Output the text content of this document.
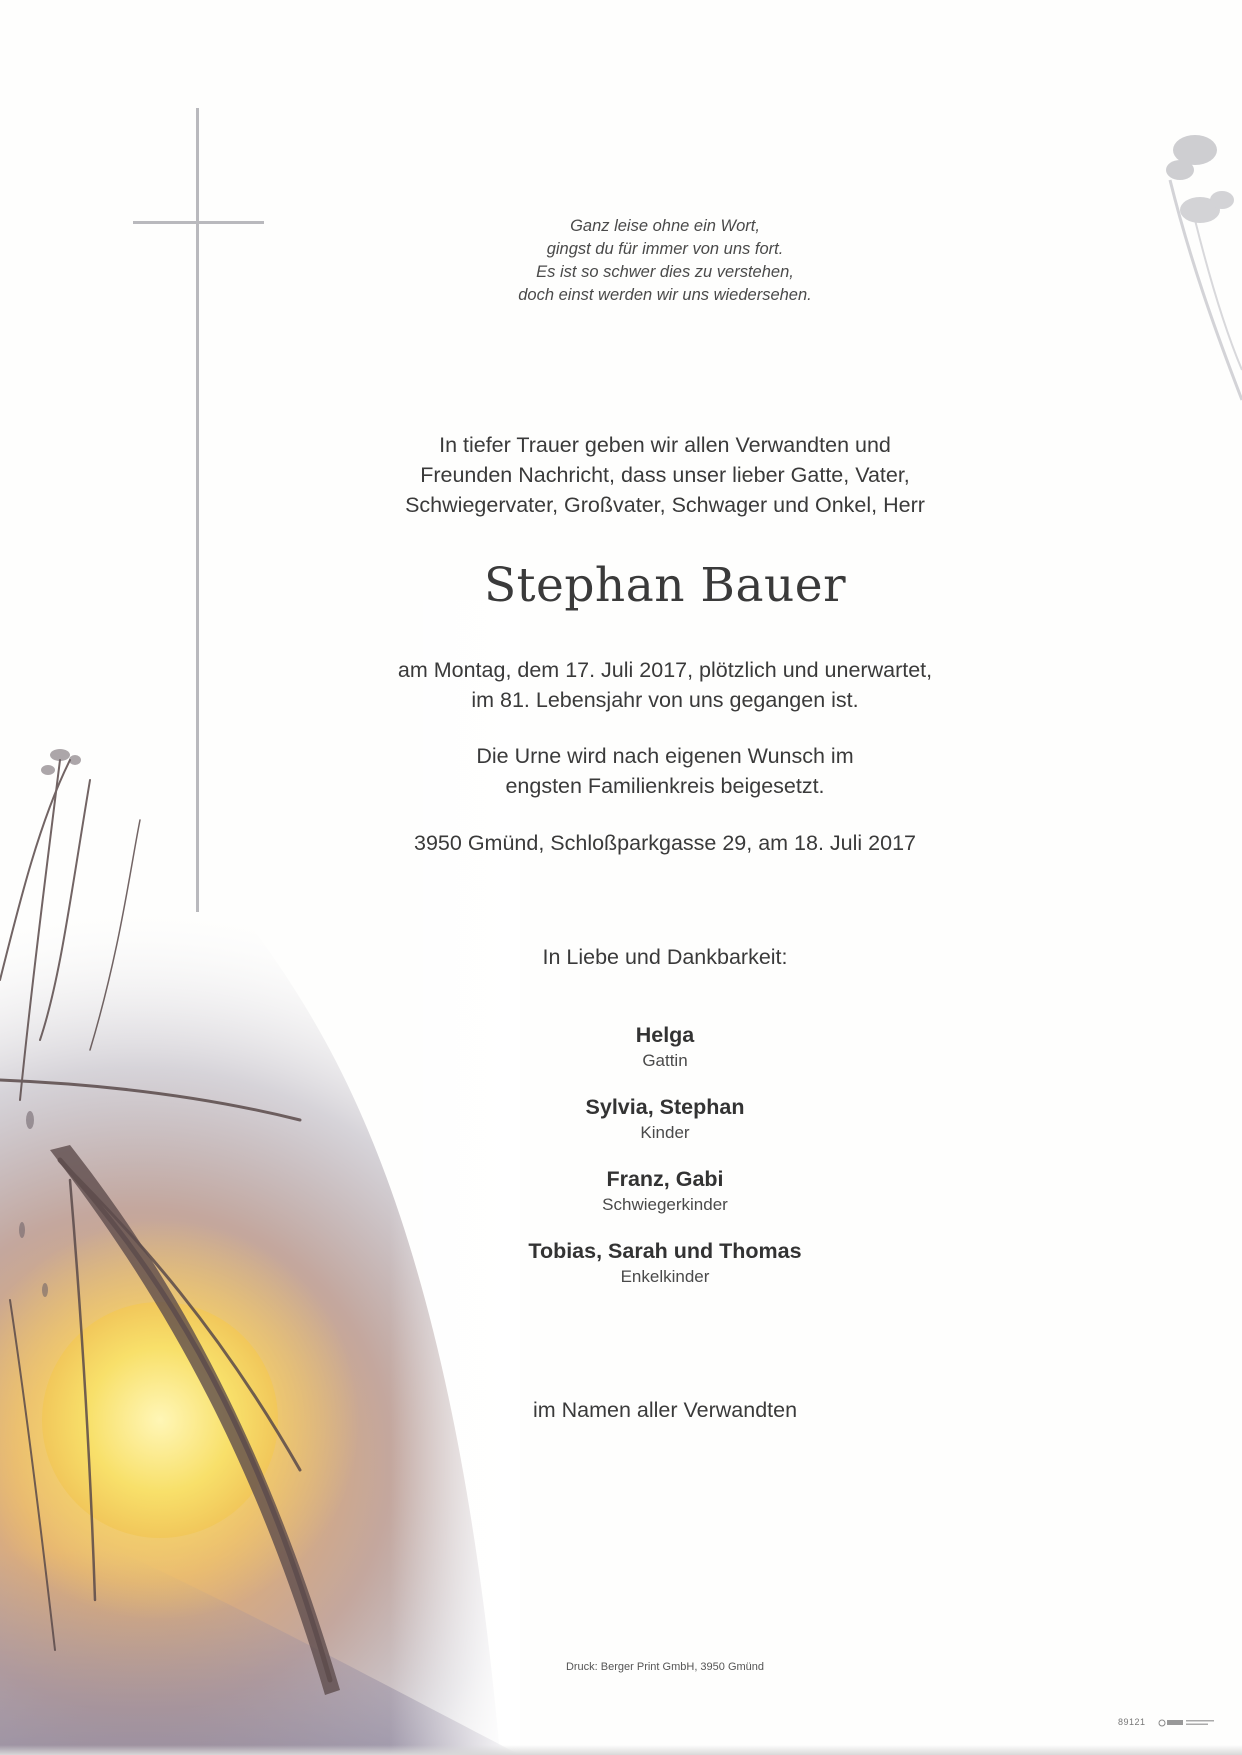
Ganz leise ohne ein Wort,
gingst du für immer von uns fort.
Es ist so schwer dies zu verstehen,
doch einst werden wir uns wiedersehen.

In tiefer Trauer geben wir allen Verwandten und
Freunden Nachricht, dass unser lieber Gatte, Vater,
Schwiegervater, Großvater, Schwager und Onkel, Herr

Stephan Bauer

am Montag, dem 17. Juli 2017, plötzlich und unerwartet,
im 81. Lebensjahr von uns gegangen ist.

Die Urne wird nach eigenen Wunsch im
engsten Familienkreis beigesetzt.

3950 Gmünd, Schloßparkgasse 29, am 18. Juli 2017

In Liebe und Dankbarkeit:

Helga
Gattin
Sylvia, Stephan
Kinder
Franz, Gabi
Schwiegerkinder
Tobias, Sarah und Thomas
Enkelkinder

im Namen aller Verwandten

Druck: Berger Print GmbH, 3950 Gmünd
89121
